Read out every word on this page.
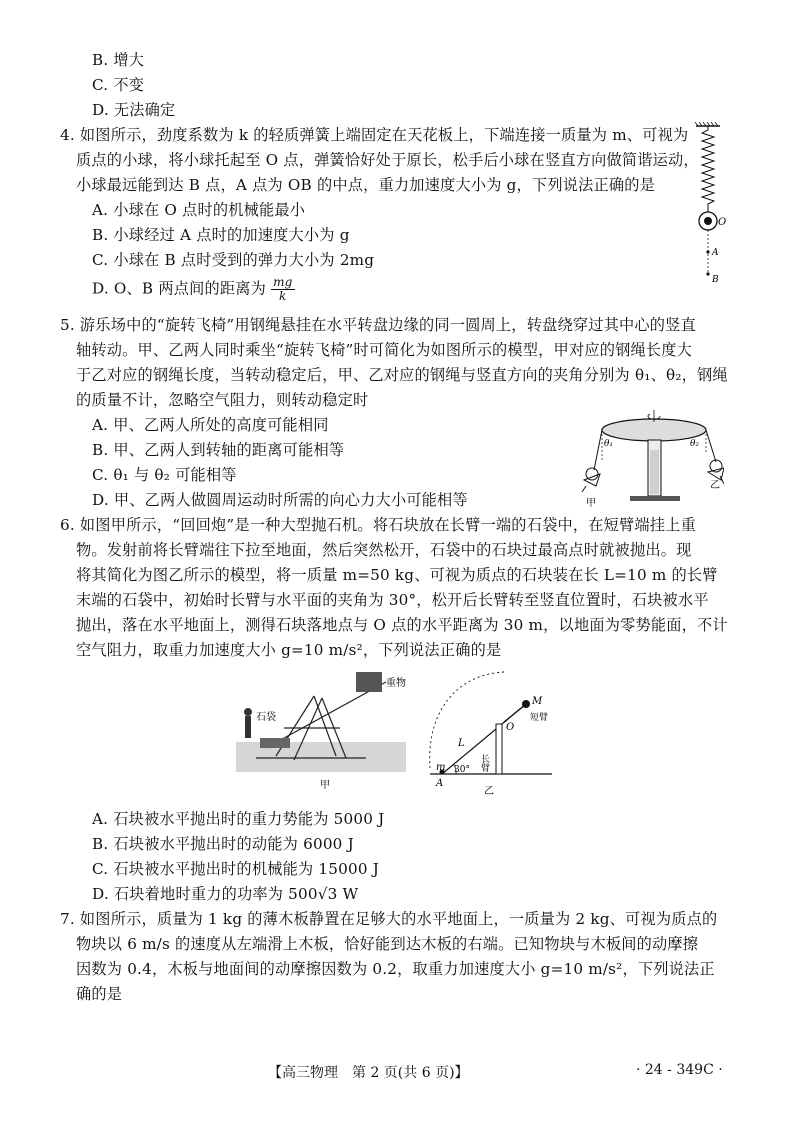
B. 增大
C. 不变
D. 无法确定
4. 如图所示，劲度系数为 k 的轻质弹簧上端固定在天花板上，下端连接一质量为 m、可视为
质点的小球，将小球托起至 O 点，弹簧恰好处于原长，松手后小球在竖直方向做简谐运动，
小球最远能到达 B 点，A 点为 OB 的中点，重力加速度大小为 g，下列说法正确的是
A. 小球在 O 点时的机械能最小
B. 小球经过 A 点时的加速度大小为 g
C. 小球在 B 点时受到的弹力大小为 2mg
D. O、B 两点间的距离为 $\frac{mg}{k}$
O
A
B
5. 游乐场中的“旋转飞椅”用钢绳悬挂在水平转盘边缘的同一圆周上，转盘绕穿过其中心的竖直
轴转动。甲、乙两人同时乘坐“旋转飞椅”时可简化为如图所示的模型，甲对应的钢绳长度大
于乙对应的钢绳长度，当转动稳定后，甲、乙对应的钢绳与竖直方向的夹角分别为 θ₁、θ₂，钢绳
的质量不计，忽略空气阻力，则转动稳定时
A. 甲、乙两人所处的高度可能相同
B. 甲、乙两人到转轴的距离可能相等
C. θ₁ 与 θ₂ 可能相等
D. 甲、乙两人做圆周运动时所需的向心力大小可能相等
θ₁	θ₂
甲
乙
6. 如图甲所示，“回回炮”是一种大型抛石机。将石块放在长臂一端的石袋中，在短臂端挂上重
物。发射前将长臂端往下拉至地面，然后突然松开，石袋中的石块过最高点时就被抛出。现
将其简化为图乙所示的模型，将一质量 m=50 kg、可视为质点的石块装在长 L=10 m 的长臂
末端的石袋中，初始时长臂与水平面的夹角为 30°，松开后长臂转至竖直位置时，石块被水平
抛出，落在水平地面上，测得石块落地点与 O 点的水平距离为 30 m，以地面为零势能面，不计
空气阻力，取重力加速度大小 g=10 m/s²，下列说法正确的是
石袋
重物
甲
M
O
L
m 30°
A
长臂
短臂
乙
A. 石块被水平抛出时的重力势能为 5000 J
B. 石块被水平抛出时的动能为 6000 J
C. 石块被水平抛出时的机械能为 15000 J
D. 石块着地时重力的功率为 500√3 W
7. 如图所示，质量为 1 kg 的薄木板静置在足够大的水平地面上，一质量为 2 kg、可视为质点的
物块以 6 m/s 的速度从左端滑上木板，恰好能到达木板的右端。已知物块与木板间的动摩擦
因数为 0.4，木板与地面间的动摩擦因数为 0.2，取重力加速度大小 g=10 m/s²，下列说法正
确的是
【高三物理　第 2 页(共 6 页)】	· 24 - 349C ·
